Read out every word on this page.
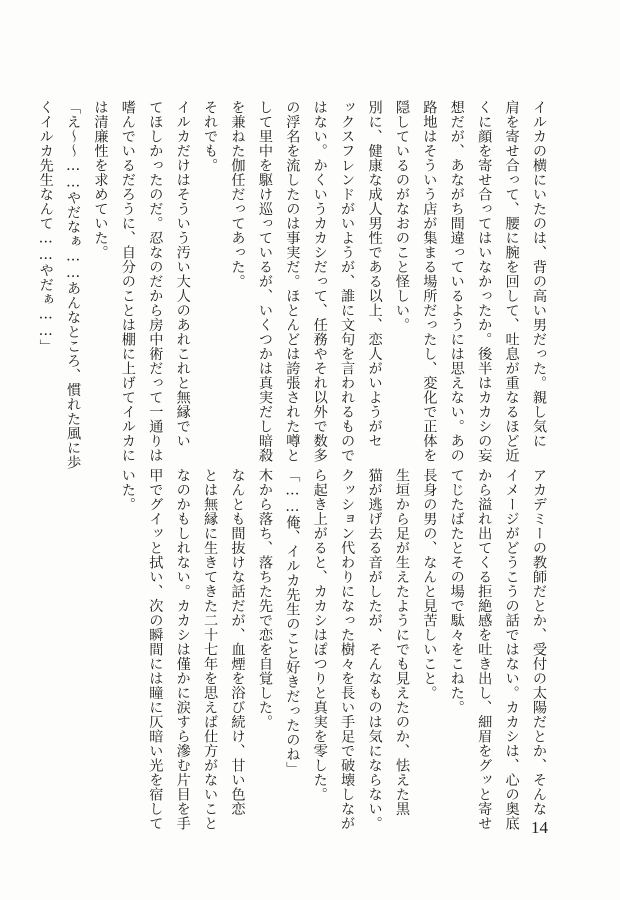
イルカの横にいたのは、背の高い男だった。親し気に
肩を寄せ合って、腰に腕を回して、吐息が重なるほど近
くに顔を寄せ合ってはいなかったか。後半はカカシの妄
想だが、あながち間違っているようには思えない。あの
路地はそういう店が集まる場所だったし、変化で正体を
隠しているのがなおのこと怪しい。
別に、健康な成人男性である以上、恋人がいようがセ
ックスフレンドがいようが、誰に文句を言われるもので
はない。かくいうカカシだって、任務やそれ以外で数多
の浮名を流したのは事実だ。ほとんどは誇張された噂と
して里中を駆け巡っているが、いくつかは真実だし暗殺
を兼ねた伽任だってあった。
それでも。
イルカだけはそういう汚い大人のあれこれと無縁でい
てほしかったのだ。忍なのだから房中術だって一通りは
嗜んでいるだろうに、自分のことは棚に上げてイルカに
は清廉性を求めていた。
「え〜〜……やだなぁ……あんなところ、慣れた風に歩
くイルカ先生なんて……やだぁ……」
アカデミーの教師だとか、受付の太陽だとか、そんな
イメージがどうこうの話ではない。カカシは、心の奥底
から溢れ出てくる拒絶感を吐き出し、細眉をグッと寄せ
てじたばたとその場で駄々をこねた。
長身の男の、なんと見苦しいこと。
生垣から足が生えたようにでも見えたのか、怯えた黒
猫が逃げ去る音がしたが、そんなものは気にならない。
クッション代わりになった樹々を長い手足で破壊しなが
ら起き上がると、カカシはぽつりと真実を零した。
「……俺、イルカ先生のこと好きだったのね」
木から落ち、落ちた先で恋を自覚した。
なんとも間抜けな話だが、血煙を浴び続け、甘い色恋
とは無縁に生きてきた二十七年を思えば仕方がないこと
なのかもしれない。カカシは僅かに涙すら滲む片目を手
甲でグイッと拭い、次の瞬間には瞳に仄暗い光を宿して
いた。
14
